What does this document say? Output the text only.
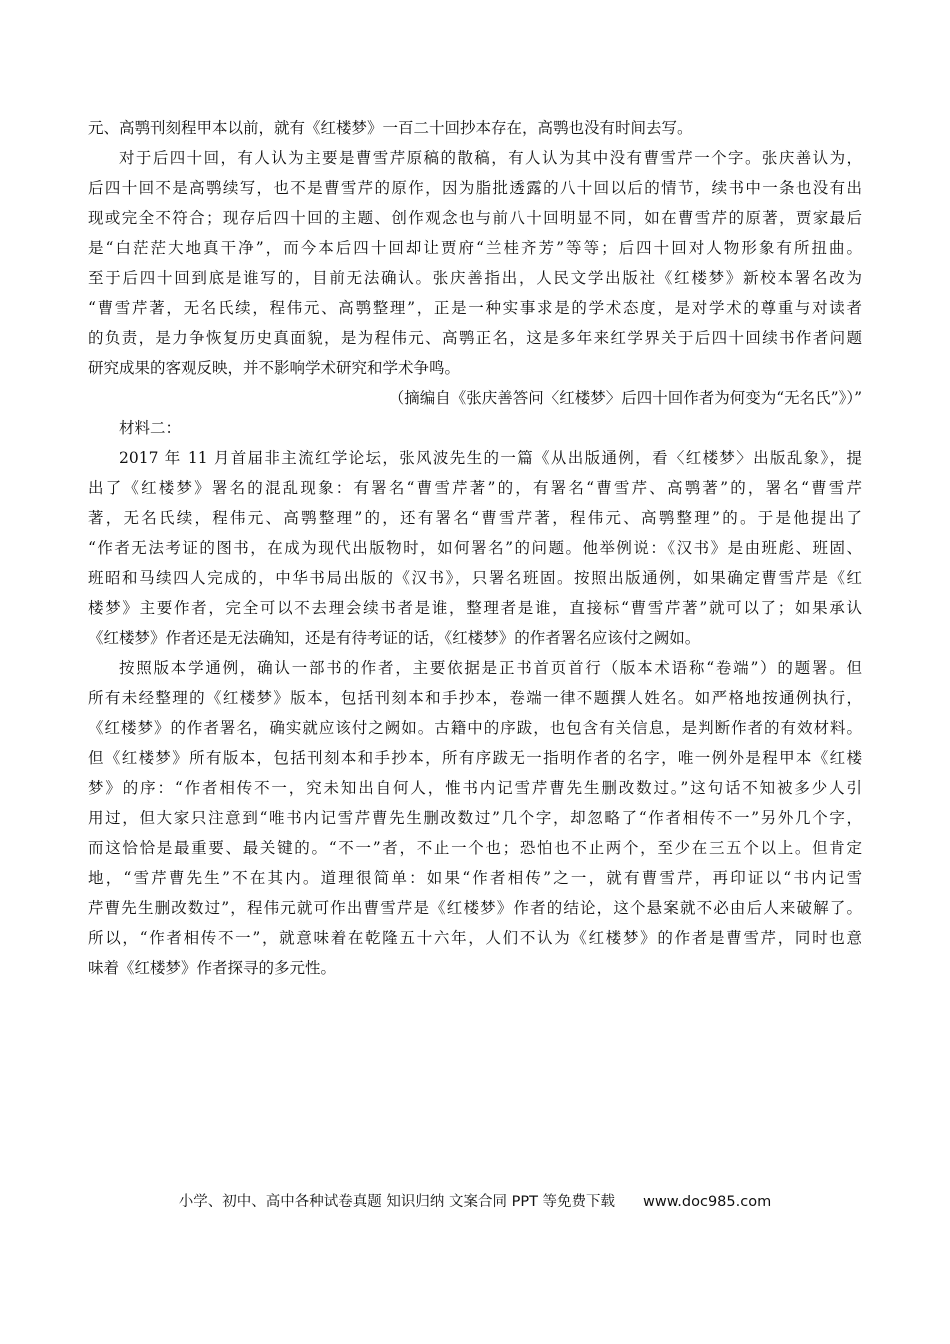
元、高鹗刊刻程甲本以前，就有《红楼梦》一百二十回抄本存在，高鹗也没有时间去写。
对于后四十回，有人认为主要是曹雪芹原稿的散稿，有人认为其中没有曹雪芹一个字。张庆善认为，
后四十回不是高鹗续写，也不是曹雪芹的原作，因为脂批透露的八十回以后的情节，续书中一条也没有出
现或完全不符合；现存后四十回的主题、创作观念也与前八十回明显不同，如在曹雪芹的原著，贾家最后
是“白茫茫大地真干净”，而今本后四十回却让贾府“兰桂齐芳”等等；后四十回对人物形象有所扭曲。
至于后四十回到底是谁写的，目前无法确认。张庆善指出，人民文学出版社《红楼梦》新校本署名改为
“曹雪芹著，无名氏续，程伟元、高鹗整理”，正是一种实事求是的学术态度，是对学术的尊重与对读者
的负责，是力争恢复历史真面貌，是为程伟元、高鹗正名，这是多年来红学界关于后四十回续书作者问题
研究成果的客观反映，并不影响学术研究和学术争鸣。
（摘编自《张庆善答问〈红楼梦〉后四十回作者为何变为“无名氏”》）”
材料二：
2017 年 11 月首届非主流红学论坛，张风波先生的一篇《从出版通例，看〈红楼梦〉出版乱象》，提
出了《红楼梦》署名的混乱现象：有署名“曹雪芹著”的，有署名“曹雪芹、高鹗著”的，署名“曹雪芹
著，无名氏续，程伟元、高鹗整理”的，还有署名“曹雪芹著，程伟元、高鹗整理”的。于是他提出了
“作者无法考证的图书，在成为现代出版物时，如何署名”的问题。他举例说：《汉书》是由班彪、班固、
班昭和马续四人完成的，中华书局出版的《汉书》，只署名班固。按照出版通例，如果确定曹雪芹是《红
楼梦》主要作者，完全可以不去理会续书者是谁，整理者是谁，直接标“曹雪芹著”就可以了；如果承认
《红楼梦》作者还是无法确知，还是有待考证的话，《红楼梦》的作者署名应该付之阙如。
按照版本学通例，确认一部书的作者，主要依据是正书首页首行（版本术语称“卷端”）的题署。但
所有未经整理的《红楼梦》版本，包括刊刻本和手抄本，卷端一律不题撰人姓名。如严格地按通例执行，
《红楼梦》的作者署名，确实就应该付之阙如。古籍中的序跋，也包含有关信息，是判断作者的有效材料。
但《红楼梦》所有版本，包括刊刻本和手抄本，所有序跋无一指明作者的名字，唯一例外是程甲本《红楼
梦》的序：“作者相传不一，究未知出自何人，惟书内记雪芹曹先生删改数过。”这句话不知被多少人引
用过，但大家只注意到“唯书内记雪芹曹先生删改数过”几个字，却忽略了“作者相传不一”另外几个字，
而这恰恰是最重要、最关键的。“不一”者，不止一个也；恐怕也不止两个，至少在三五个以上。但肯定
地，“雪芹曹先生”不在其内。道理很简单：如果“作者相传”之一，就有曹雪芹，再印证以“书内记雪
芹曹先生删改数过”，程伟元就可作出曹雪芹是《红楼梦》作者的结论，这个悬案就不必由后人来破解了。
所以，“作者相传不一”，就意味着在乾隆五十六年，人们不认为《红楼梦》的作者是曹雪芹，同时也意
味着《红楼梦》作者探寻的多元性。
小学、初中、高中各种试卷真题 知识归纳 文案合同 PPT 等免费下载 www.doc985.com
